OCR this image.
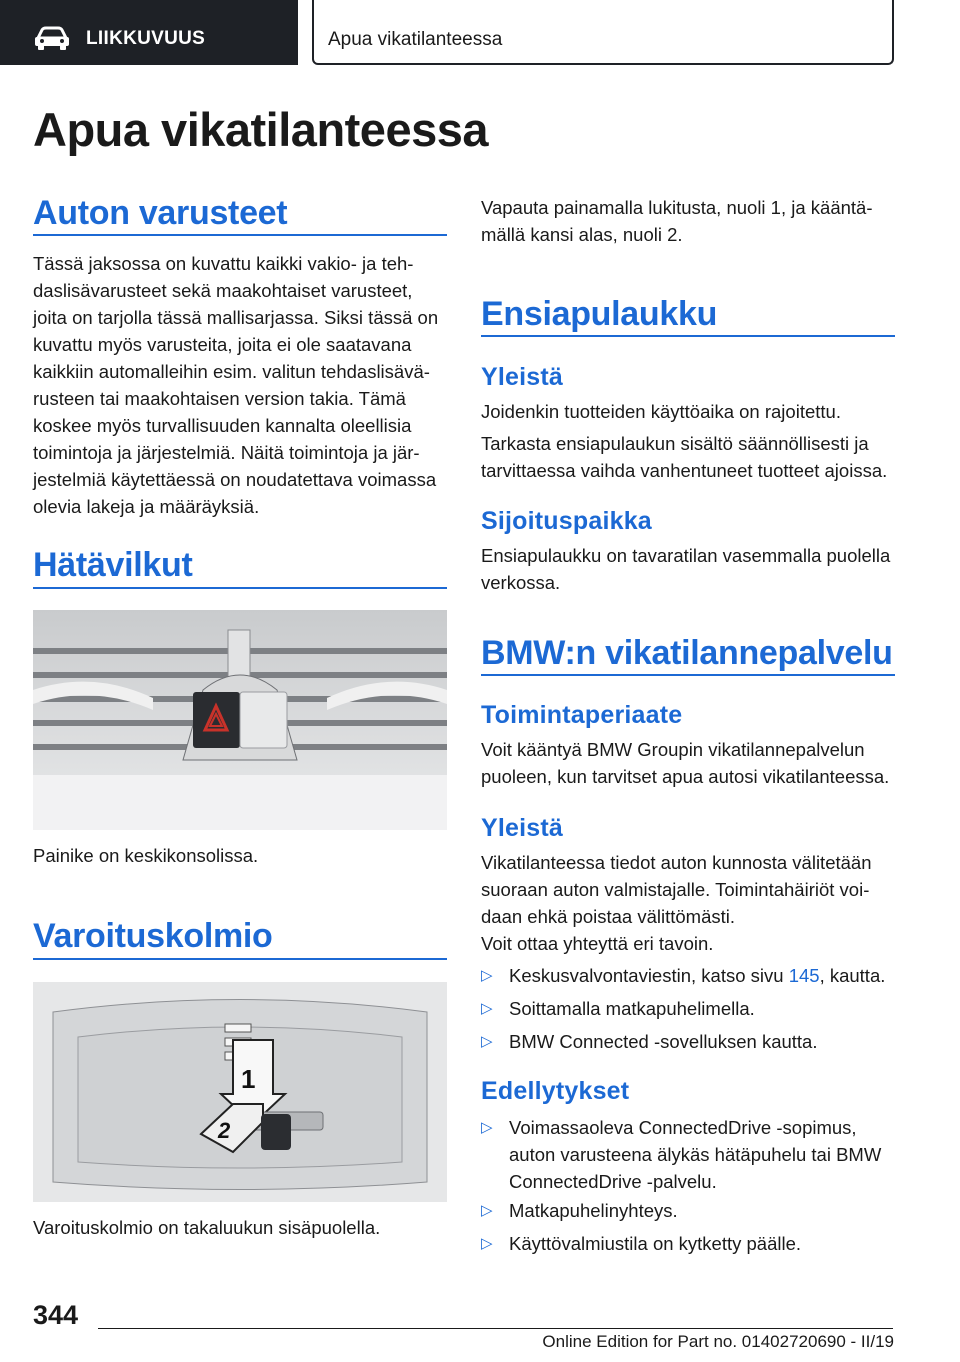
LIIKKUVUUS	Apua vikatilanteessa
Apua vikatilanteessa
Auton varusteet
Tässä jaksossa on kuvattu kaikki vakio- ja teh-
daslisävarusteet sekä maakohtaiset varusteet,
joita on tarjolla tässä mallisarjassa. Siksi tässä on
kuvattu myös varusteita, joita ei ole saatavana
kaikkiin automalleihin esim. valitun tehdaslisävä-
rusteen tai maakohtaisen version takia. Tämä
koskee myös turvallisuuden kannalta oleellisia
toimintoja ja järjestelmiä. Näitä toimintoja ja jär-
jestelmiä käytettäessä on noudatettava voimassa
olevia lakeja ja määräyksiä.
Hätävilkut
Painike on keskikonsolissa.
Varoituskolmio
1
2
Varoituskolmio on takaluukun sisäpuolella.
Vapauta painamalla lukitusta, nuoli 1, ja kääntä-
mällä kansi alas, nuoli 2.
Ensiapulaukku
Yleistä
Joidenkin tuotteiden käyttöaika on rajoitettu.
Tarkasta ensiapulaukun sisältö säännöllisesti ja
tarvittaessa vaihda vanhentuneet tuotteet ajoissa.
Sijoituspaikka
Ensiapulaukku on tavaratilan vasemmalla puolella
verkossa.
BMW:n vikatilannepalvelu
Toimintaperiaate
Voit kääntyä BMW Groupin vikatilannepalvelun
puoleen, kun tarvitset apua autosi vikatilanteessa.
Yleistä
Vikatilanteessa tiedot auton kunnosta välitetään
suoraan auton valmistajalle. Toimintahäiriöt voi-
daan ehkä poistaa välittömästi.
Voit ottaa yhteyttä eri tavoin.
▷ Keskusvalvontaviestin, katso sivu 145, kautta.
▷ Soittamalla matkapuhelimella.
▷ BMW Connected -sovelluksen kautta.
Edellytykset
▷ Voimassaoleva ConnectedDrive -sopimus,
auton varusteena älykäs hätäpuhelu tai BMW
ConnectedDrive -palvelu.
▷ Matkapuhelinyhteys.
▷ Käyttövalmiustila on kytketty päälle.
344
Online Edition for Part no. 01402720690 - II/19
